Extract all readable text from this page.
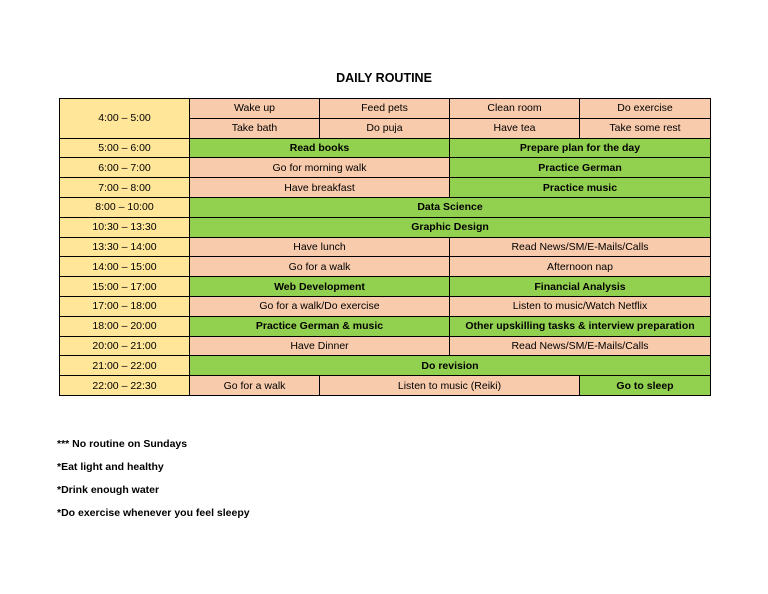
DAILY ROUTINE
4:00 – 5:00	Wake up	Feed pets	Clean room	Do exercise
	Take bath	Do puja	Have tea	Take some rest
5:00 – 6:00	Read books		Prepare plan for the day	
6:00 – 7:00	Go for morning walk		Practice German	
7:00 – 8:00	Have breakfast		Practice music	
8:00 – 10:00	Data Science			
10:30 – 13:30	Graphic Design			
13:30 – 14:00	Have lunch		Read News/SM/E-Mails/Calls	
14:00 – 15:00	Go for a walk		Afternoon nap	
15:00 – 17:00	Web Development		Financial Analysis	
17:00 – 18:00	Go for a walk/Do exercise		Listen to music/Watch Netflix	
18:00 – 20:00	Practice German & music		Other upskilling tasks & interview preparation	
20:00 – 21:00	Have Dinner		Read News/SM/E-Mails/Calls	
21:00 – 22:00	Do revision			
22:00 – 22:30	Go for a walk	Listen to music (Reiki)		Go to sleep
*** No routine on Sundays
*Eat light and healthy
*Drink enough water
*Do exercise whenever you feel sleepy
